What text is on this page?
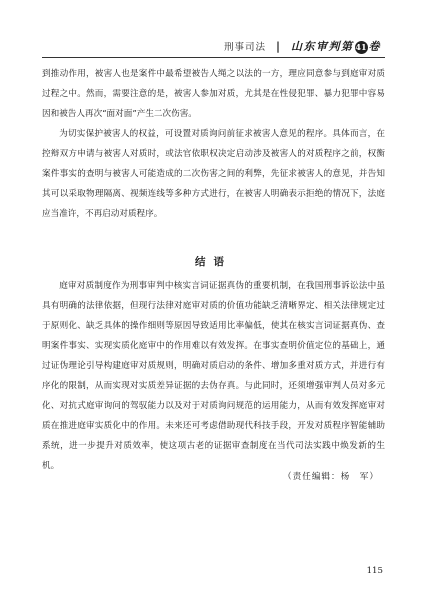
刑事司法 | 山东审判第 41 卷

到推动作用，被害人也是案件中最希望被告人绳之以法的一方，理应同意参与到庭审对质过程之中。然而，需要注意的是，被害人参加对质，尤其是在性侵犯罪、暴力犯罪中容易因和被告人再次“面对面”产生二次伤害。

为切实保护被害人的权益，可设置对质询问前征求被害人意见的程序。具体而言，在控辩双方申请与被害人对质时，或法官依职权决定启动涉及被害人的对质程序之前，权衡案件事实的查明与被害人可能造成的二次伤害之间的利弊，先征求被害人的意见，并告知其可以采取物理隔离、视频连线等多种方式进行，在被害人明确表示拒绝的情况下，法庭应当准许，不再启动对质程序。

结语

庭审对质制度作为刑事审判中核实言词证据真伪的重要机制，在我国刑事诉讼法中虽具有明确的法律依据，但现行法律对庭审对质的价值功能缺乏清晰界定、相关法律规定过于原则化、缺乏具体的操作细则等原因导致适用比率偏低，使其在核实言词证据真伪、查明案件事实、实现实质化庭审中的作用难以有效发挥。在事实查明价值定位的基础上，通过证伪理论引导构建庭审对质规则，明确对质启动的条件、增加多重对质方式，并进行有序化的限制，从而实现对实质差异证据的去伪存真。与此同时，还须增强审判人员对多元化、对抗式庭审询问的驾驭能力以及对于对质询问规范的运用能力，从而有效发挥庭审对质在推进庭审实质化中的作用。未来还可考虑借助现代科技手段，开发对质程序智能辅助系统，进一步提升对质效率，使这项古老的证据审查制度在当代司法实践中焕发新的生机。

（责任编辑：杨　军）
115
